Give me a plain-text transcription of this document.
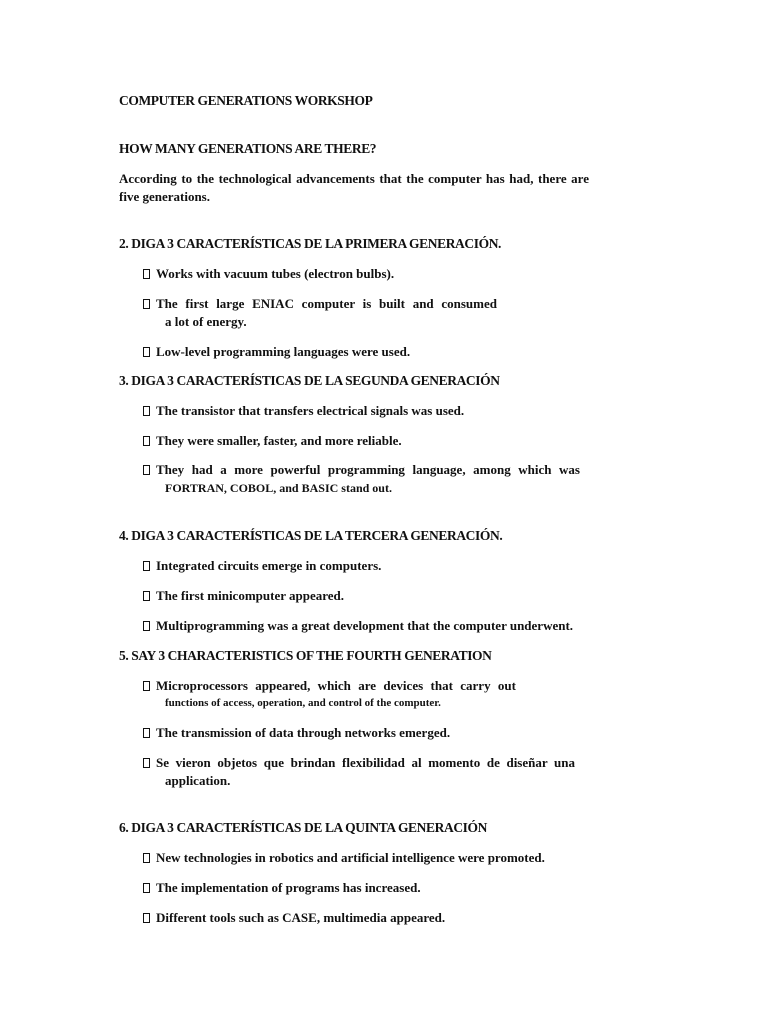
COMPUTER GENERATIONS WORKSHOP
HOW MANY GENERATIONS ARE THERE?
According to the technological advancements that the computer has had, there are five generations.
2. DIGA 3 CARACTERÍSTICAS DE LA PRIMERA GENERACIÓN.
Works with vacuum tubes (electron bulbs).
The first large ENIAC computer is built and consumed
a lot of energy.
Low-level programming languages were used.
3. DIGA 3 CARACTERÍSTICAS DE LA SEGUNDA GENERACIÓN
The transistor that transfers electrical signals was used.
They were smaller, faster, and more reliable.
They had a more powerful programming language, among which was
FORTRAN, COBOL, and BASIC stand out.
4. DIGA 3 CARACTERÍSTICAS DE LA TERCERA GENERACIÓN.
Integrated circuits emerge in computers.
The first minicomputer appeared.
Multiprogramming was a great development that the computer underwent.
5. SAY 3 CHARACTERISTICS OF THE FOURTH GENERATION
Microprocessors appeared, which are devices that carry out
functions of access, operation, and control of the computer.
The transmission of data through networks emerged.
Se vieron objetos que brindan flexibilidad al momento de diseñar una
application.
6. DIGA 3 CARACTERÍSTICAS DE LA QUINTA GENERACIÓN
New technologies in robotics and artificial intelligence were promoted.
The implementation of programs has increased.
Different tools such as CASE, multimedia appeared.
